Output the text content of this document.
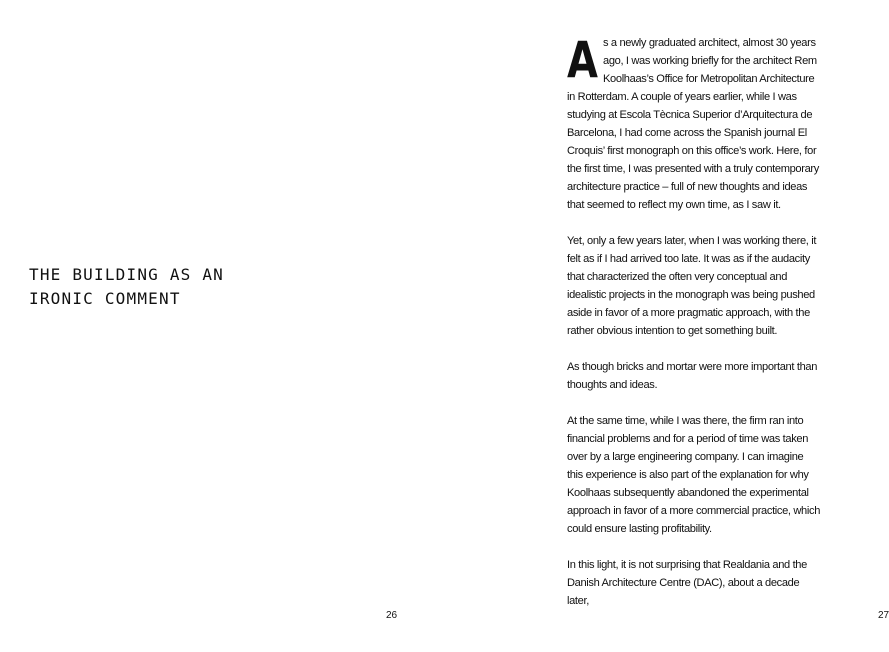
THE BUILDING AS AN
IRONIC COMMENT
26

As a newly graduated architect, almost 30 years ago, I was working briefly for the architect Rem Koolhaas’s Office for Metropolitan Architecture in Rotterdam. A couple of years earlier, while I was studying at Escola Tècnica Superior d’Arquitectura de Barcelona, I had come across the Spanish journal El Croquis’ first monograph on this office’s work. Here, for the first time, I was presented with a truly contemporary architecture practice – full of new thoughts and ideas that seemed to reflect my own time, as I saw it.

Yet, only a few years later, when I was working there, it felt as if I had arrived too late. It was as if the audacity that characterized the often very conceptual and idealistic projects in the monograph was being pushed aside in favor of a more pragmatic approach, with the rather obvious intention to get something built.

As though bricks and mortar were more important than thoughts and ideas.

At the same time, while I was there, the firm ran into financial problems and for a period of time was taken over by a large engineering company. I can imagine this experience is also part of the explanation for why Koolhaas subsequently abandoned the experimental approach in favor of a more commercial practice, which could ensure lasting profitability.

In this light, it is not surprising that Realdania and the Danish Architecture Centre (DAC), about a decade later,

27
